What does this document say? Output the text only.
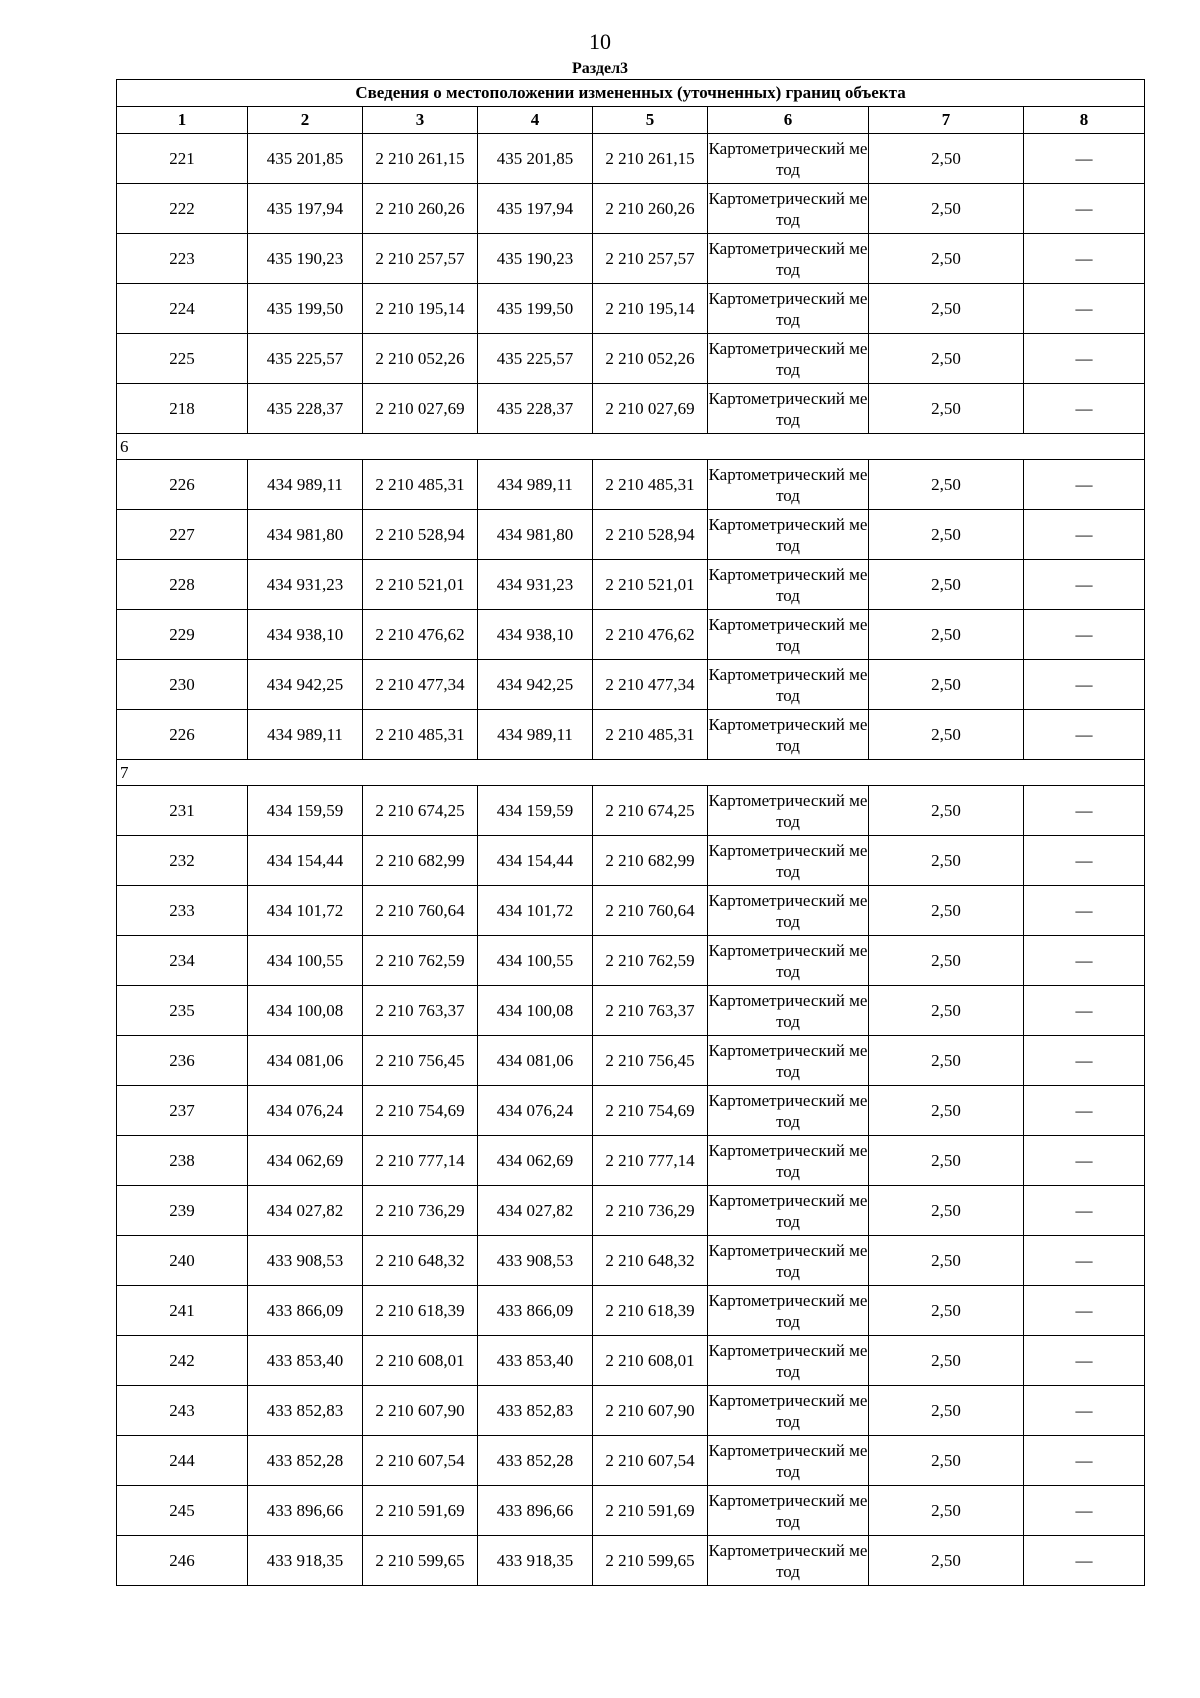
10
Раздел3
Сведения о местоположении измененных (уточненных) границ объекта							
1	2	3	4	5	6	7	8
221	435 201,85	2 210 261,15	435 201,85	2 210 261,15	Картометрический метод	2,50	—
222	435 197,94	2 210 260,26	435 197,94	2 210 260,26	Картометрический метод	2,50	—
223	435 190,23	2 210 257,57	435 190,23	2 210 257,57	Картометрический метод	2,50	—
224	435 199,50	2 210 195,14	435 199,50	2 210 195,14	Картометрический метод	2,50	—
225	435 225,57	2 210 052,26	435 225,57	2 210 052,26	Картометрический метод	2,50	—
218	435 228,37	2 210 027,69	435 228,37	2 210 027,69	Картометрический метод	2,50	—
6							
226	434 989,11	2 210 485,31	434 989,11	2 210 485,31	Картометрический метод	2,50	—
227	434 981,80	2 210 528,94	434 981,80	2 210 528,94	Картометрический метод	2,50	—
228	434 931,23	2 210 521,01	434 931,23	2 210 521,01	Картометрический метод	2,50	—
229	434 938,10	2 210 476,62	434 938,10	2 210 476,62	Картометрический метод	2,50	—
230	434 942,25	2 210 477,34	434 942,25	2 210 477,34	Картометрический метод	2,50	—
226	434 989,11	2 210 485,31	434 989,11	2 210 485,31	Картометрический метод	2,50	—
7							
231	434 159,59	2 210 674,25	434 159,59	2 210 674,25	Картометрический метод	2,50	—
232	434 154,44	2 210 682,99	434 154,44	2 210 682,99	Картометрический метод	2,50	—
233	434 101,72	2 210 760,64	434 101,72	2 210 760,64	Картометрический метод	2,50	—
234	434 100,55	2 210 762,59	434 100,55	2 210 762,59	Картометрический метод	2,50	—
235	434 100,08	2 210 763,37	434 100,08	2 210 763,37	Картометрический метод	2,50	—
236	434 081,06	2 210 756,45	434 081,06	2 210 756,45	Картометрический метод	2,50	—
237	434 076,24	2 210 754,69	434 076,24	2 210 754,69	Картометрический метод	2,50	—
238	434 062,69	2 210 777,14	434 062,69	2 210 777,14	Картометрический метод	2,50	—
239	434 027,82	2 210 736,29	434 027,82	2 210 736,29	Картометрический метод	2,50	—
240	433 908,53	2 210 648,32	433 908,53	2 210 648,32	Картометрический метод	2,50	—
241	433 866,09	2 210 618,39	433 866,09	2 210 618,39	Картометрический метод	2,50	—
242	433 853,40	2 210 608,01	433 853,40	2 210 608,01	Картометрический метод	2,50	—
243	433 852,83	2 210 607,90	433 852,83	2 210 607,90	Картометрический метод	2,50	—
244	433 852,28	2 210 607,54	433 852,28	2 210 607,54	Картометрический метод	2,50	—
245	433 896,66	2 210 591,69	433 896,66	2 210 591,69	Картометрический метод	2,50	—
246	433 918,35	2 210 599,65	433 918,35	2 210 599,65	Картометрический метод	2,50	—
